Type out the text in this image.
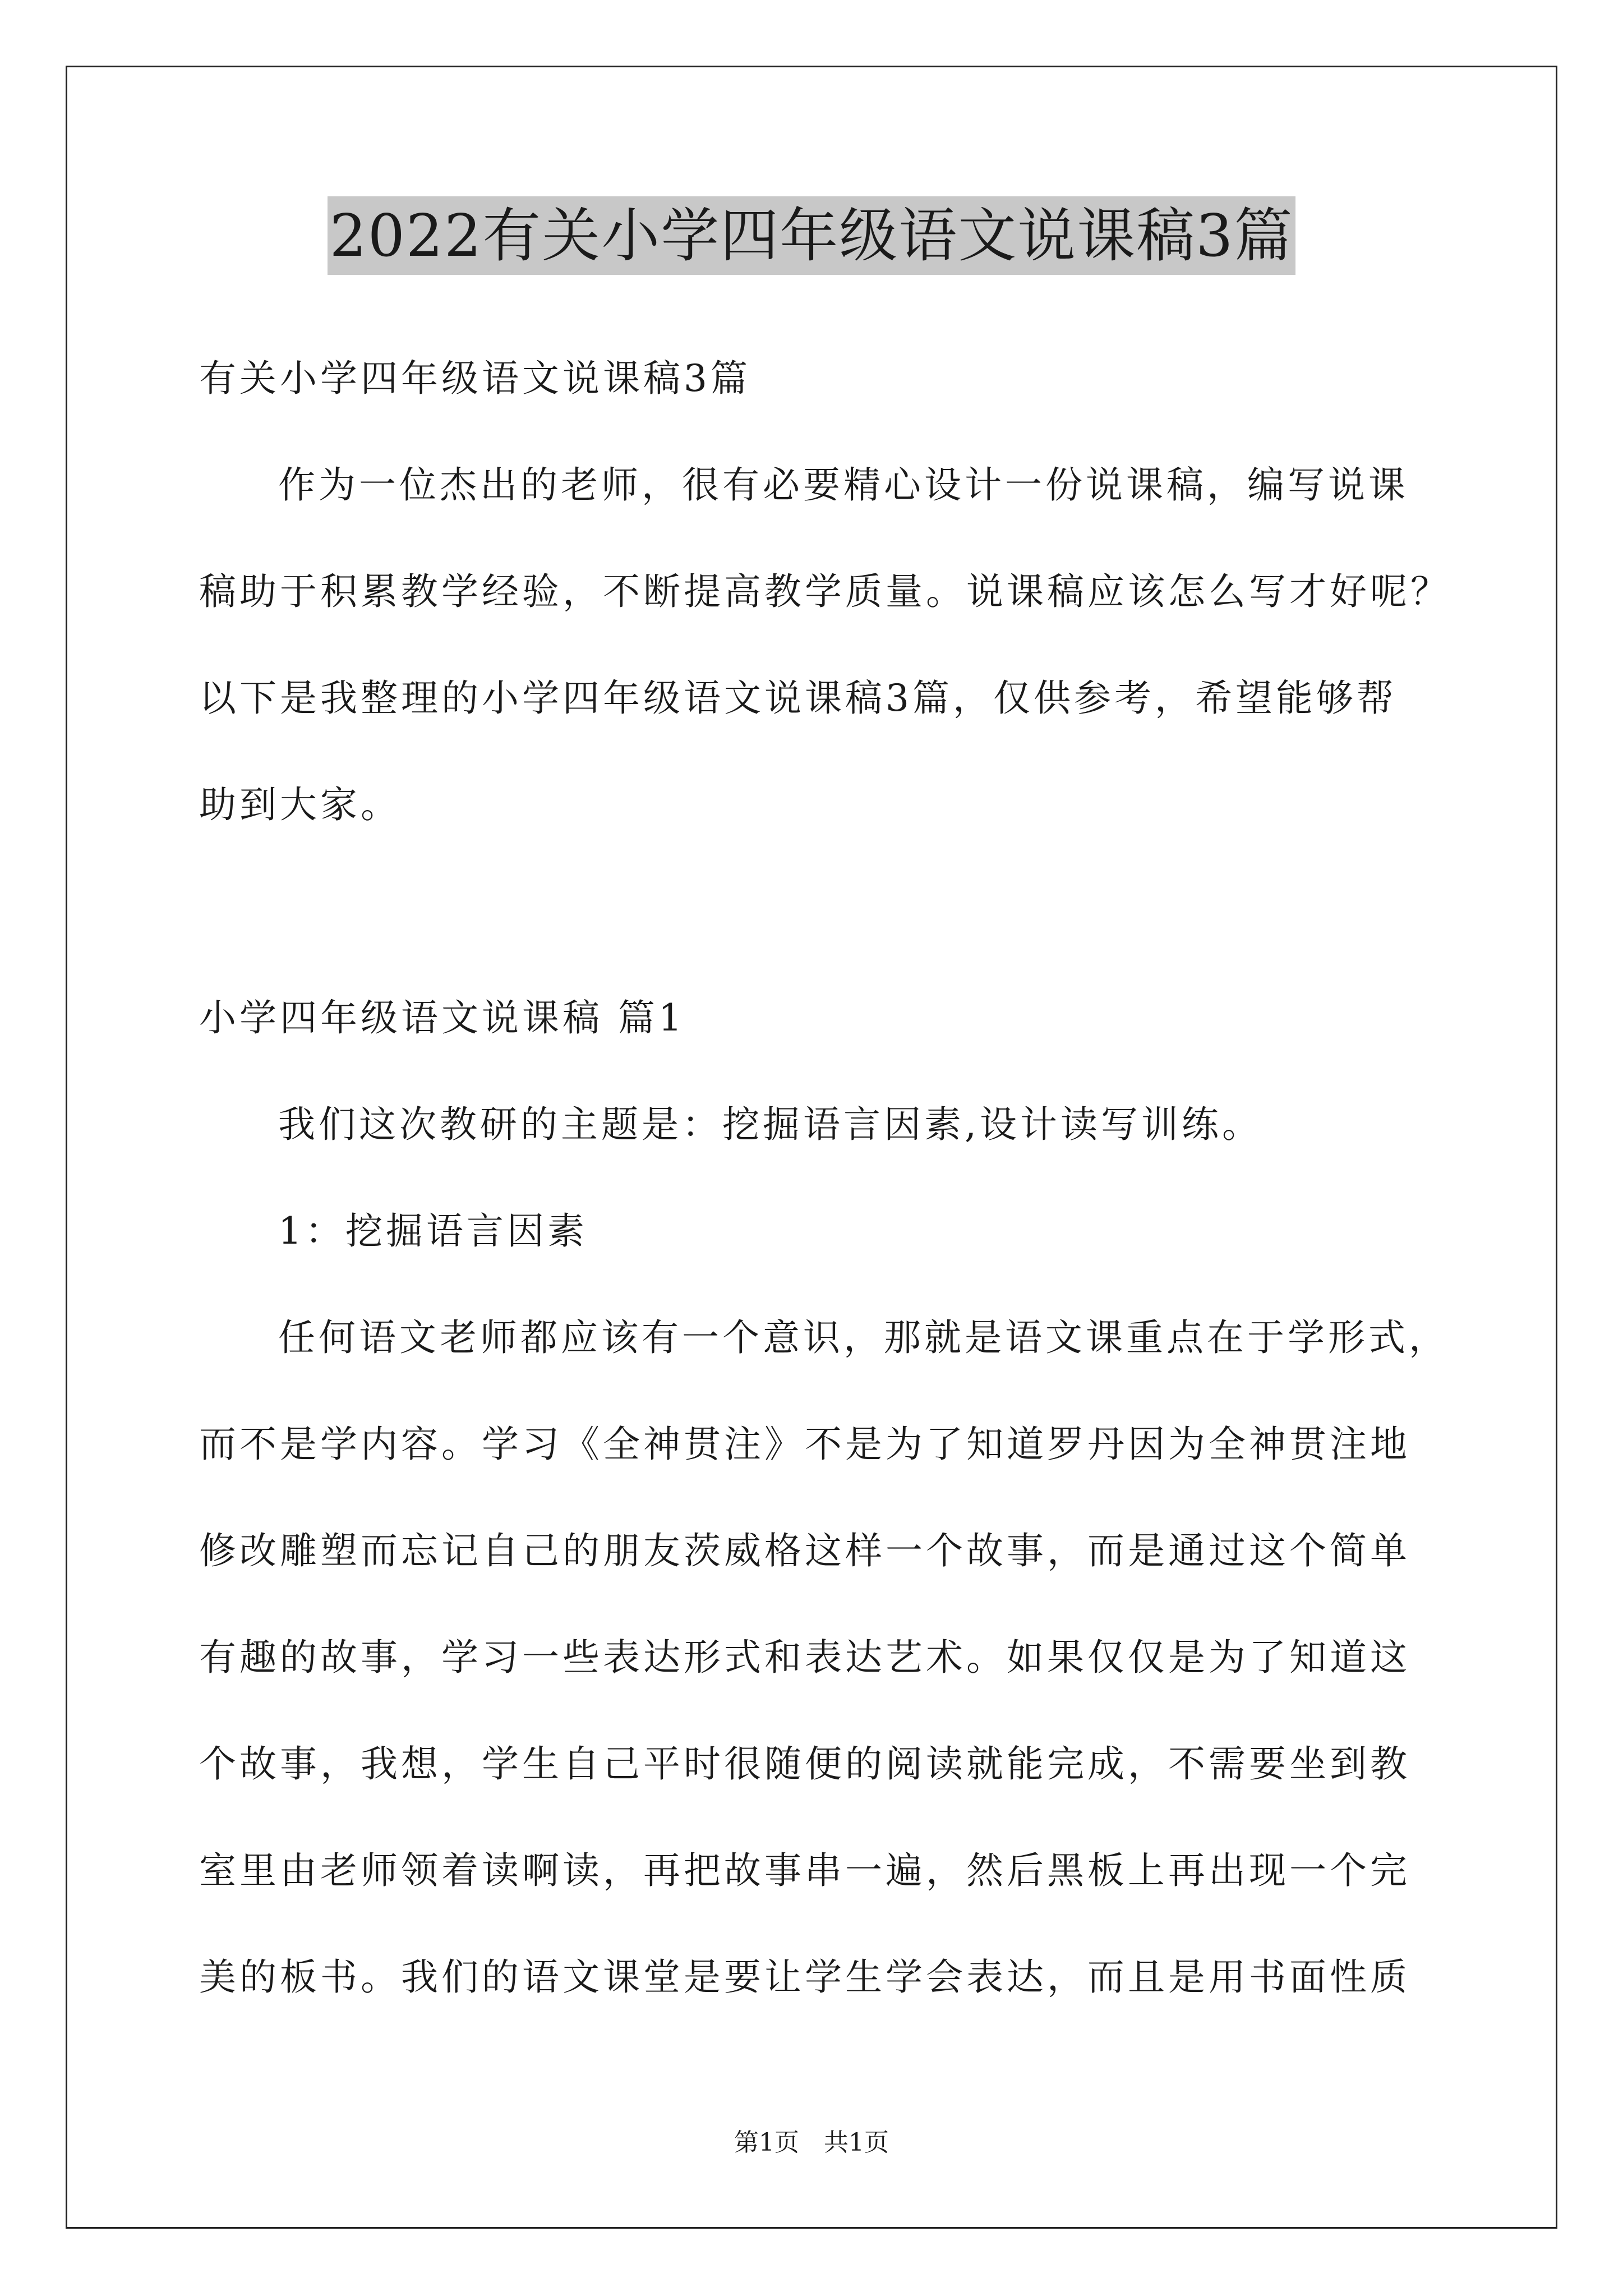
2022有关小学四年级语文说课稿3篇
有关小学四年级语文说课稿3篇
作为一位杰出的老师，很有必要精心设计一份说课稿，编写说课
稿助于积累教学经验，不断提高教学质量。说课稿应该怎么写才好呢？
以下是我整理的小学四年级语文说课稿3篇，仅供参考，希望能够帮
助到大家。
小学四年级语文说课稿 篇1
我们这次教研的主题是：挖掘语言因素,设计读写训练。
1：挖掘语言因素
任何语文老师都应该有一个意识，那就是语文课重点在于学形式，
而不是学内容。学习《全神贯注》不是为了知道罗丹因为全神贯注地
修改雕塑而忘记自己的朋友茨威格这样一个故事，而是通过这个简单
有趣的故事，学习一些表达形式和表达艺术。如果仅仅是为了知道这
个故事，我想，学生自己平时很随便的阅读就能完成，不需要坐到教
室里由老师领着读啊读，再把故事串一遍，然后黑板上再出现一个完
美的板书。我们的语文课堂是要让学生学会表达，而且是用书面性质
第1页　共1页
